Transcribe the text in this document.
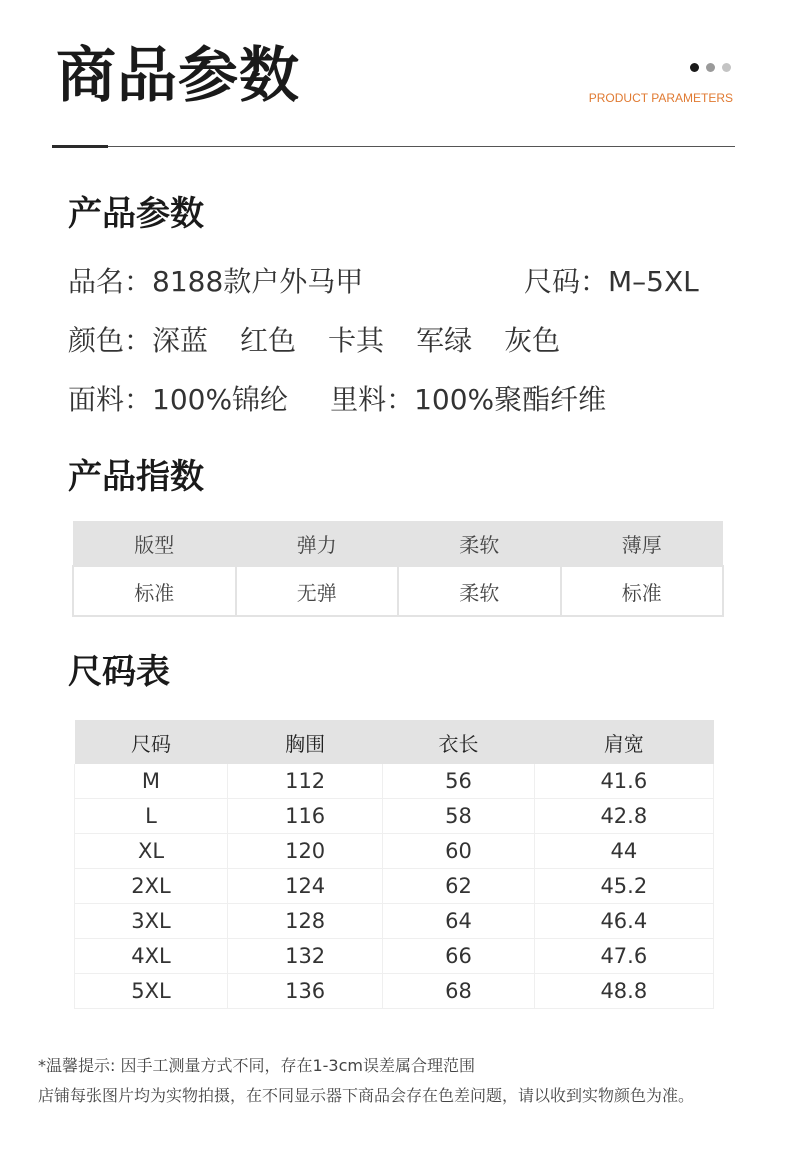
商品参数	PRODUCT PARAMETERS
产品参数
品名：8188款户外马甲	尺码：M–5XL
颜色：深蓝 红色 卡其 军绿 灰色
面料：100%锦纶 里料：100%聚酯纤维
产品指数
版型	弹力	柔软	薄厚
标准	无弹	柔软	标准
尺码表
尺码	胸围	衣长	肩宽
M	112	56	41.6
L	116	58	42.8
XL	120	60	44
2XL	124	62	45.2
3XL	128	64	46.4
4XL	132	66	47.6
5XL	136	68	48.8
*温馨提示: 因手工测量方式不同，存在1-3cm误差属合理范围
店铺每张图片均为实物拍摄，在不同显示器下商品会存在色差问题，请以收到实物颜色为准。
